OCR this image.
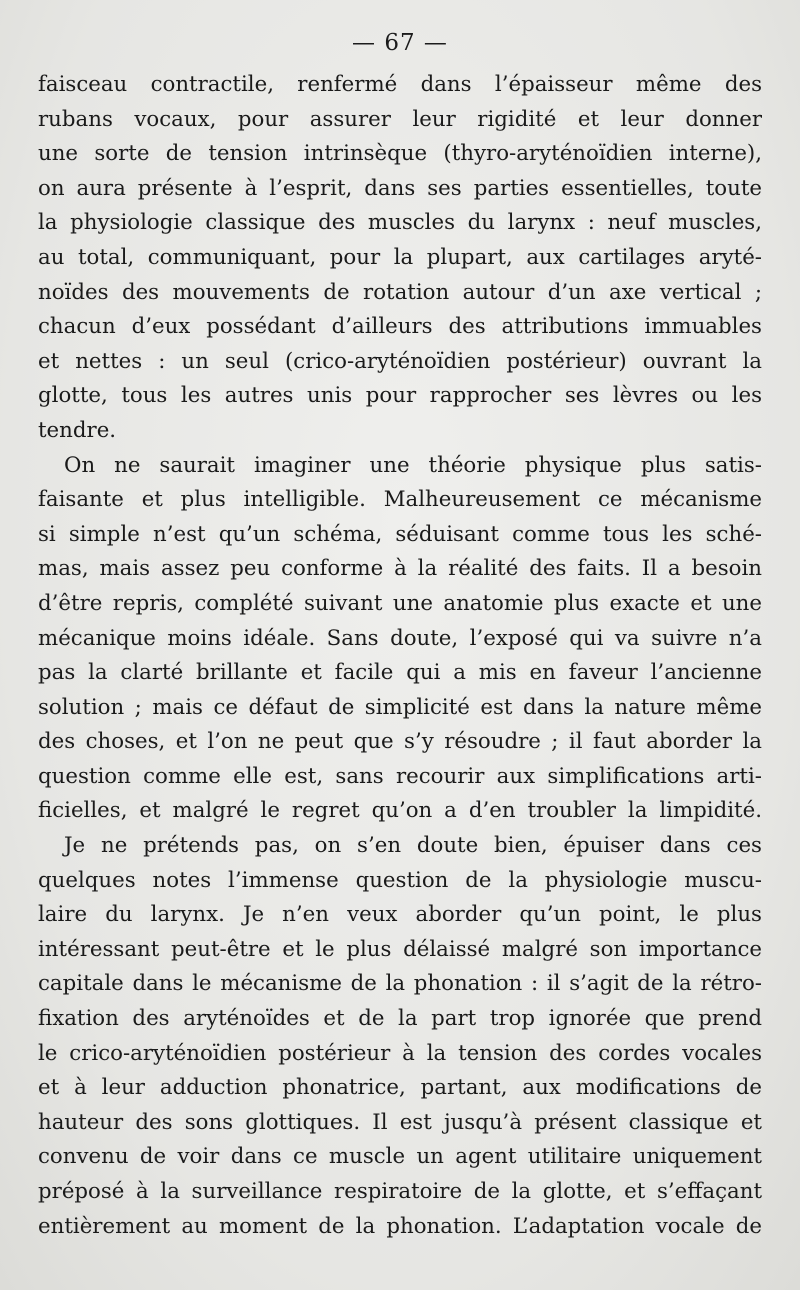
— 67 —
faisceau contractile, renfermé dans l’épaisseur même des
rubans vocaux, pour assurer leur rigidité et leur donner
une sorte de tension intrinsèque (thyro-aryténoïdien interne),
on aura présente à l’esprit, dans ses parties essentielles, toute
la physiologie classique des muscles du larynx : neuf muscles,
au total, communiquant, pour la plupart, aux cartilages aryté-
noïdes des mouvements de rotation autour d’un axe vertical ;
chacun d’eux possédant d’ailleurs des attributions immuables
et nettes : un seul (crico-aryténoïdien postérieur) ouvrant la
glotte, tous les autres unis pour rapprocher ses lèvres ou les
tendre.
On ne saurait imaginer une théorie physique plus satis-
faisante et plus intelligible. Malheureusement ce mécanisme
si simple n’est qu’un schéma, séduisant comme tous les sché-
mas, mais assez peu conforme à la réalité des faits. Il a besoin
d’être repris, complété suivant une anatomie plus exacte et une
mécanique moins idéale. Sans doute, l’exposé qui va suivre n’a
pas la clarté brillante et facile qui a mis en faveur l’ancienne
solution ; mais ce défaut de simplicité est dans la nature même
des choses, et l’on ne peut que s’y résoudre ; il faut aborder la
question comme elle est, sans recourir aux simplifications arti-
ficielles, et malgré le regret qu’on a d’en troubler la limpidité.
Je ne prétends pas, on s’en doute bien, épuiser dans ces
quelques notes l’immense question de la physiologie muscu-
laire du larynx. Je n’en veux aborder qu’un point, le plus
intéressant peut-être et le plus délaissé malgré son importance
capitale dans le mécanisme de la phonation : il s’agit de la rétro-
fixation des aryténoïdes et de la part trop ignorée que prend
le crico-aryténoïdien postérieur à la tension des cordes vocales
et à leur adduction phonatrice, partant, aux modifications de
hauteur des sons glottiques. Il est jusqu’à présent classique et
convenu de voir dans ce muscle un agent utilitaire uniquement
préposé à la surveillance respiratoire de la glotte, et s’effaçant
entièrement au moment de la phonation. L’adaptation vocale de
